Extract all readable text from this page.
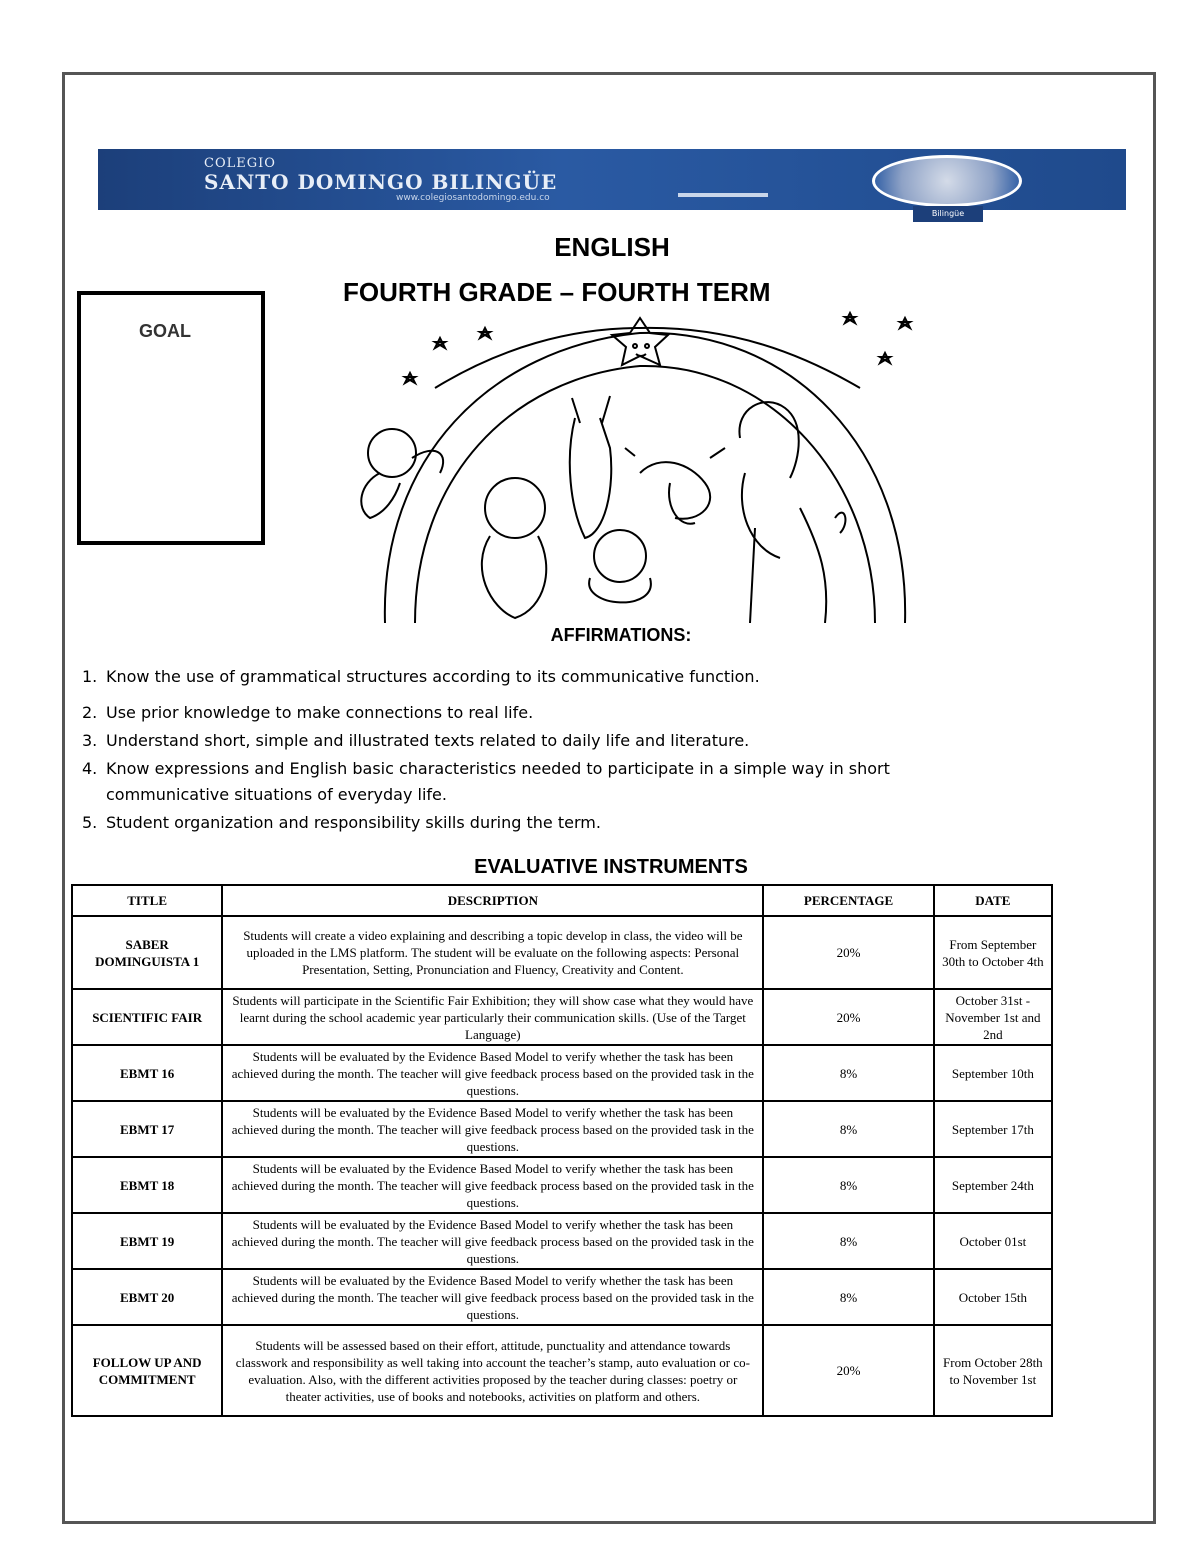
COLEGIO
SANTO DOMINGO BILINGÜE
www.colegiosantodomingo.edu.co
Bilingüe
ENGLISH
FOURTH GRADE – FOURTH TERM
GOAL
AFFIRMATIONS:
1. Know the use of grammatical structures according to its communicative function.
2. Use prior knowledge to make connections to real life.
3. Understand short, simple and illustrated texts related to daily life and literature.
4. Know expressions and English basic characteristics needed to participate in a simple way in short communicative situations of everyday life.
5. Student organization and responsibility skills during the term.
EVALUATIVE INSTRUMENTS
TITLE	DESCRIPTION	PERCENTAGE	DATE
SABER DOMINGUISTA 1	Students will create a video explaining and describing a topic develop in class, the video will be uploaded in the LMS platform. The student will be evaluate on the following aspects: Personal Presentation, Setting, Pronunciation and Fluency, Creativity and Content.	20%	From September 30th to October 4th
SCIENTIFIC FAIR	Students will participate in the Scientific Fair Exhibition; they will show case what they would have learnt during the school academic year particularly their communication skills. (Use of the Target Language)	20%	October 31st - November 1st and 2nd
EBMT 16	Students will be evaluated by the Evidence Based Model to verify whether the task has been achieved during the month. The teacher will give feedback process based on the provided task in the questions.	8%	September 10th
EBMT 17	Students will be evaluated by the Evidence Based Model to verify whether the task has been achieved during the month. The teacher will give feedback process based on the provided task in the questions.	8%	September 17th
EBMT 18	Students will be evaluated by the Evidence Based Model to verify whether the task has been achieved during the month. The teacher will give feedback process based on the provided task in the questions.	8%	September 24th
EBMT 19	Students will be evaluated by the Evidence Based Model to verify whether the task has been achieved during the month. The teacher will give feedback process based on the provided task in the questions.	8%	October 01st
EBMT 20	Students will be evaluated by the Evidence Based Model to verify whether the task has been achieved during the month. The teacher will give feedback process based on the provided task in the questions.	8%	October 15th
FOLLOW UP AND COMMITMENT	Students will be assessed based on their effort, attitude, punctuality and attendance towards classwork and responsibility as well taking into account the teacher’s stamp, auto evaluation or co-evaluation. Also, with the different activities proposed by the teacher during classes: poetry or theater activities, use of books and notebooks, activities on platform and others.	20%	From October 28th to November 1st
